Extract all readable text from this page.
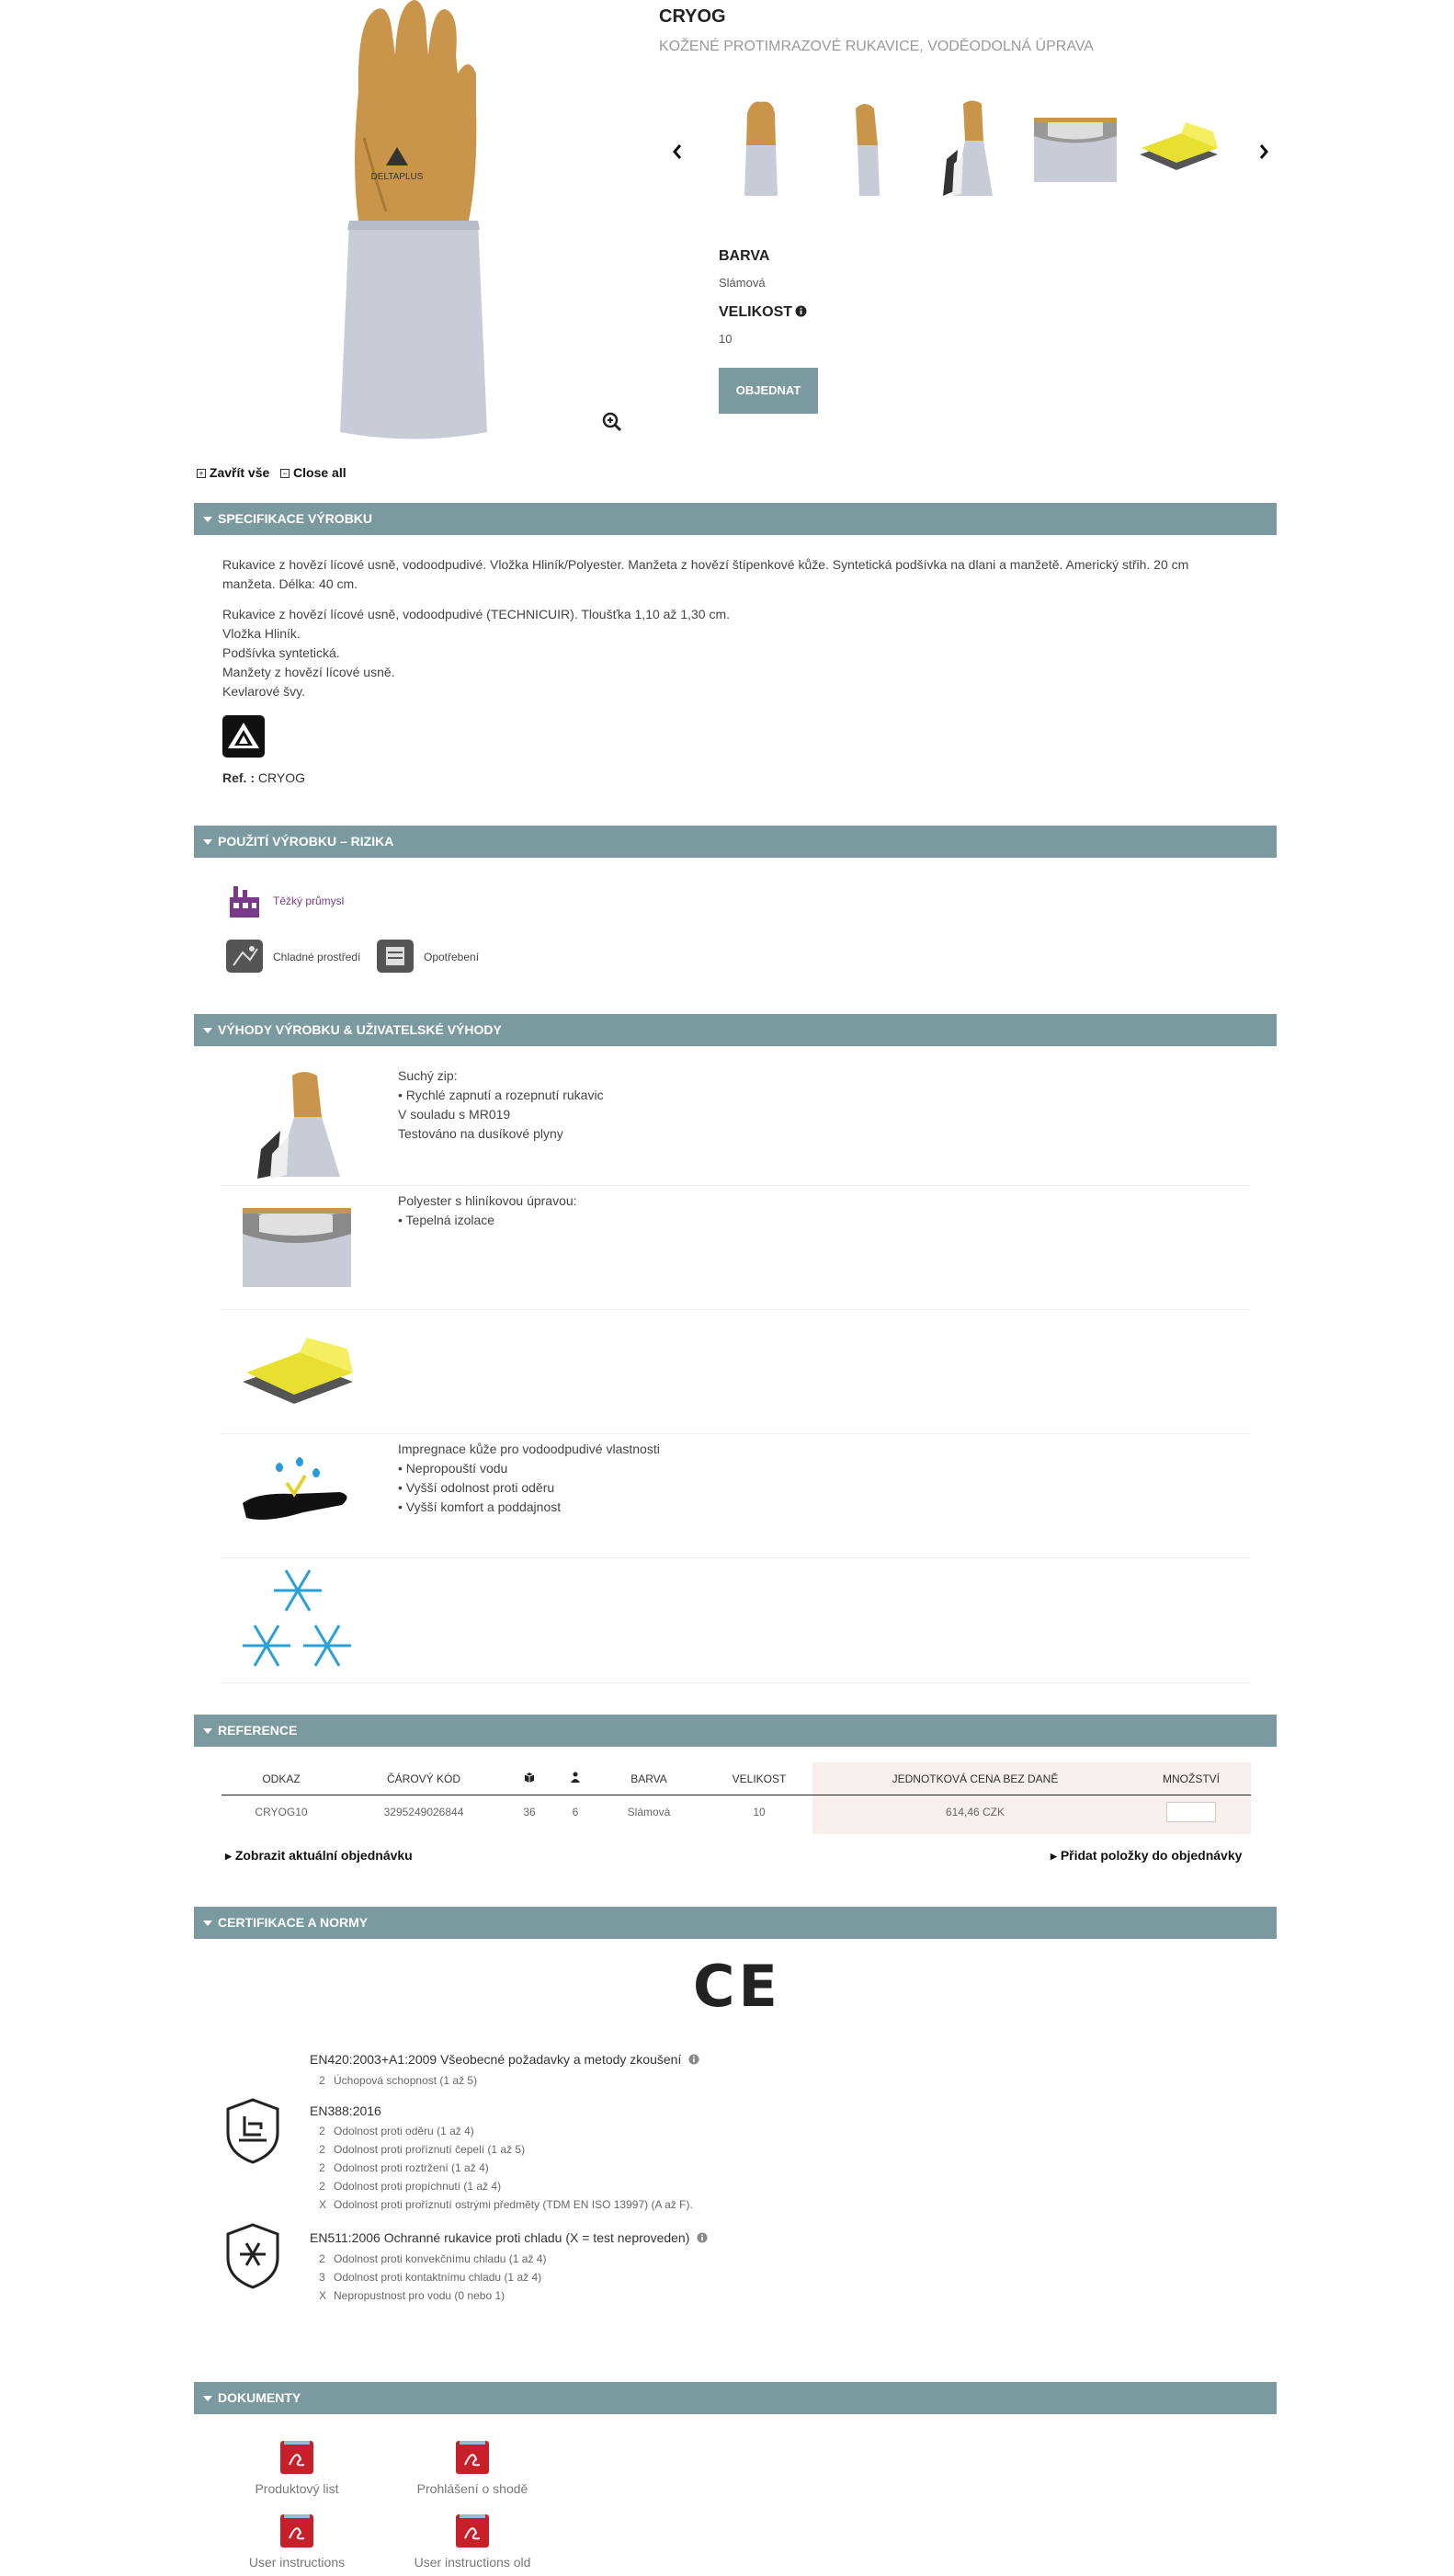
DELTAPLUS
CRYOG
KOŽENÉ PROTIMRAZOVÉ RUKAVICE, VODĚODOLNÁ ÚPRAVA
BARVA
Slámová
VELIKOST
10
OBJEDNAT
+ Zavřít vše − Close all
SPECIFIKACE VÝROBKU
Rukavice z hovězí lícové usně, vodoodpudivé. Vložka Hliník/Polyester. Manžeta z hovězí štípenkové kůže. Syntetická podšívka na dlani a manžetě. Americký střih. 20 cm manžeta. Délka: 40 cm.
Rukavice z hovězí lícové usně, vodoodpudivé (TECHNICUIR). Tloušťka 1,10 až 1,30 cm.
Vložka Hliník.
Podšívka syntetická.
Manžety z hovězí lícové usně.
Kevlarové švy.
Ref. : CRYOG
POUŽITÍ VÝROBKU – RIZIKA
Těžký průmysl
Chladné prostředí	Opotřebení
VÝHODY VÝROBKU & UŽIVATELSKÉ VÝHODY
Suchý zip:
• Rychlé zapnutí a rozepnutí rukavic
V souladu s MR019
Testováno na dusíkové plyny
Polyester s hliníkovou úpravou:
• Tepelná izolace
Impregnace kůže pro vodoodpudivé vlastnosti
• Nepropouští vodu
• Vyšší odolnost proti oděru
• Vyšší komfort a poddajnost
REFERENCE
ODKAZ	ČÁROVÝ KÓD			BARVA	VELIKOST	JEDNOTKOVÁ CENA BEZ DANĚ	MNOŽSTVÍ
CRYOG10	3295249026844	36	6	Slámová	10	614,46 CZK	
▶ Zobrazit aktuální objednávku	▶ Přidat položky do objednávky
CERTIFIKACE A NORMY
CE
EN420:2003+A1:2009 Všeobecné požadavky a metody zkoušení
2 Úchopová schopnost (1 až 5)
EN388:2016
2 Odolnost proti oděru (1 až 4)
2 Odolnost proti proříznutí čepelí (1 až 5)
2 Odolnost proti roztržení (1 až 4)
2 Odolnost proti propíchnutí (1 až 4)
X Odolnost proti proříznutí ostrými předměty (TDM EN ISO 13997) (A až F).
EN511:2006 Ochranné rukavice proti chladu (X = test neproveden)
2 Odolnost proti konvekčnímu chladu (1 až 4)
3 Odolnost proti kontaktnímu chladu (1 až 4)
X Nepropustnost pro vodu (0 nebo 1)
DOKUMENTY
Produktový list	Prohlášení o shodě
User instructions	User instructions old
